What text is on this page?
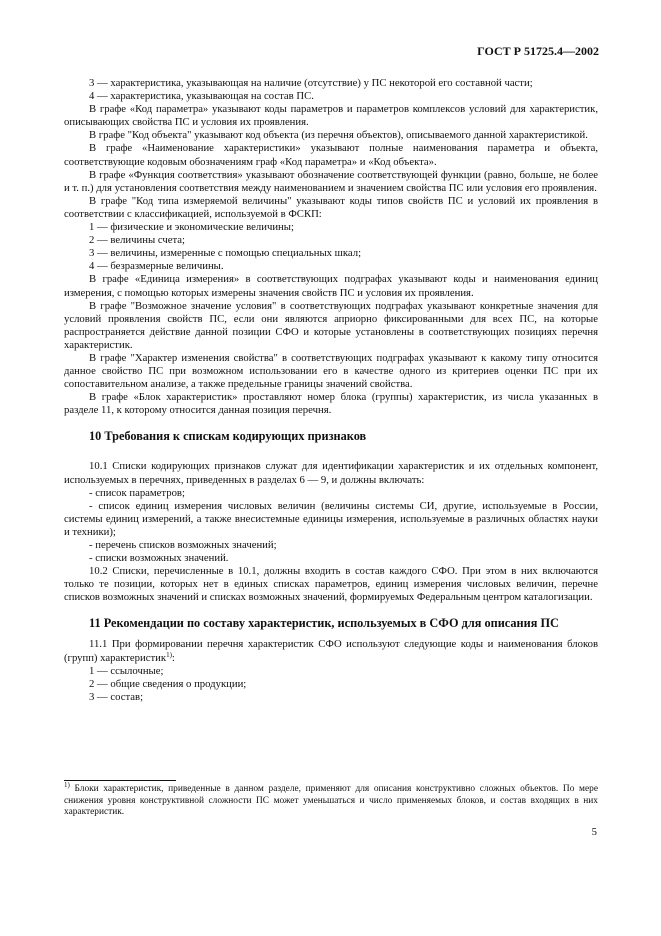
ГОСТ Р 51725.4—2002

3 — характеристика, указывающая на наличие (отсутствие) у ПС некоторой его составной части;

4 — характеристика, указывающая на состав ПС.

В графе «Код параметра» указывают коды параметров и параметров комплексов условий для характеристик, описывающих свойства ПС и условия их проявления.

В графе "Код объекта" указывают код объекта (из перечня объектов), описываемого данной характеристикой.

В графе «Наименование характеристики» указывают полные наименования параметра и объекта, соответствующие кодовым обозначениям граф «Код параметра» и «Код объекта».

В графе «Функция соответствия» указывают обозначение соответствующей функции (равно, больше, не более и т. п.) для установления соответствия между наименованием и значением свойства ПС или условия его проявления.

В графе "Код типа измеряемой величины" указывают коды типов свойств ПС и условий их проявления в соответствии с классификацией, используемой в ФСКП:

1 — физические и экономические величины;

2 — величины счета;

3 — величины, измеренные с помощью специальных шкал;

4 — безразмерные величины.

В графе «Единица измерения» в соответствующих подграфах указывают коды и наименования единиц измерения, с помощью которых измерены значения свойств ПС и условия их проявления.

В графе "Возможное значение условия" в соответствующих подграфах указывают конкретные значения для условий проявления свойств ПС, если они являются априорно фиксированными для всех ПС, на которые распространяется действие данной позиции СФО и которые установлены в соответствующих позициях перечня характеристик.

В графе "Характер изменения свойства" в соответствующих подграфах указывают к какому типу относится данное свойство ПС при возможном использовании его в качестве одного из критериев оценки ПС при их сопоставительном анализе, а также предельные границы значений свойства.

В графе «Блок характеристик» проставляют номер блока (группы) характеристик, из числа указанных в разделе 11, к которому относится данная позиция перечня.

10 Требования к спискам кодирующих признаков

10.1 Списки кодирующих признаков служат для идентификации характеристик и их отдельных компонент, используемых в перечнях, приведенных в разделах 6 — 9, и должны включать:

- список параметров;

- список единиц измерения числовых величин (величины системы СИ, другие, используемые в России, системы единиц измерений, а также внесистемные единицы измерения, используемые в различных областях науки и техники);

- перечень списков возможных значений;

- списки возможных значений.

10.2 Списки, перечисленные в 10.1, должны входить в состав каждого СФО. При этом в них включаются только те позиции, которых нет в единых списках параметров, единиц измерения числовых величин, перечне списков возможных значений и списках возможных значений, формируемых Федеральным центром каталогизации.

11 Рекомендации по составу характеристик, используемых в СФО для описания ПС

11.1 При формировании перечня характеристик СФО используют следующие коды и наименования блоков (групп) характеристик$^{1)}$:

1 — ссылочные;

2 — общие сведения о продукции;

3 — состав;

$^{1)}$ Блоки характеристик, приведенные в данном разделе, применяют для описания конструктивно сложных объектов. По мере снижения уровня конструктивной сложности ПС может уменьшаться и число применяемых блоков, и состав входящих в них характеристик.
5
